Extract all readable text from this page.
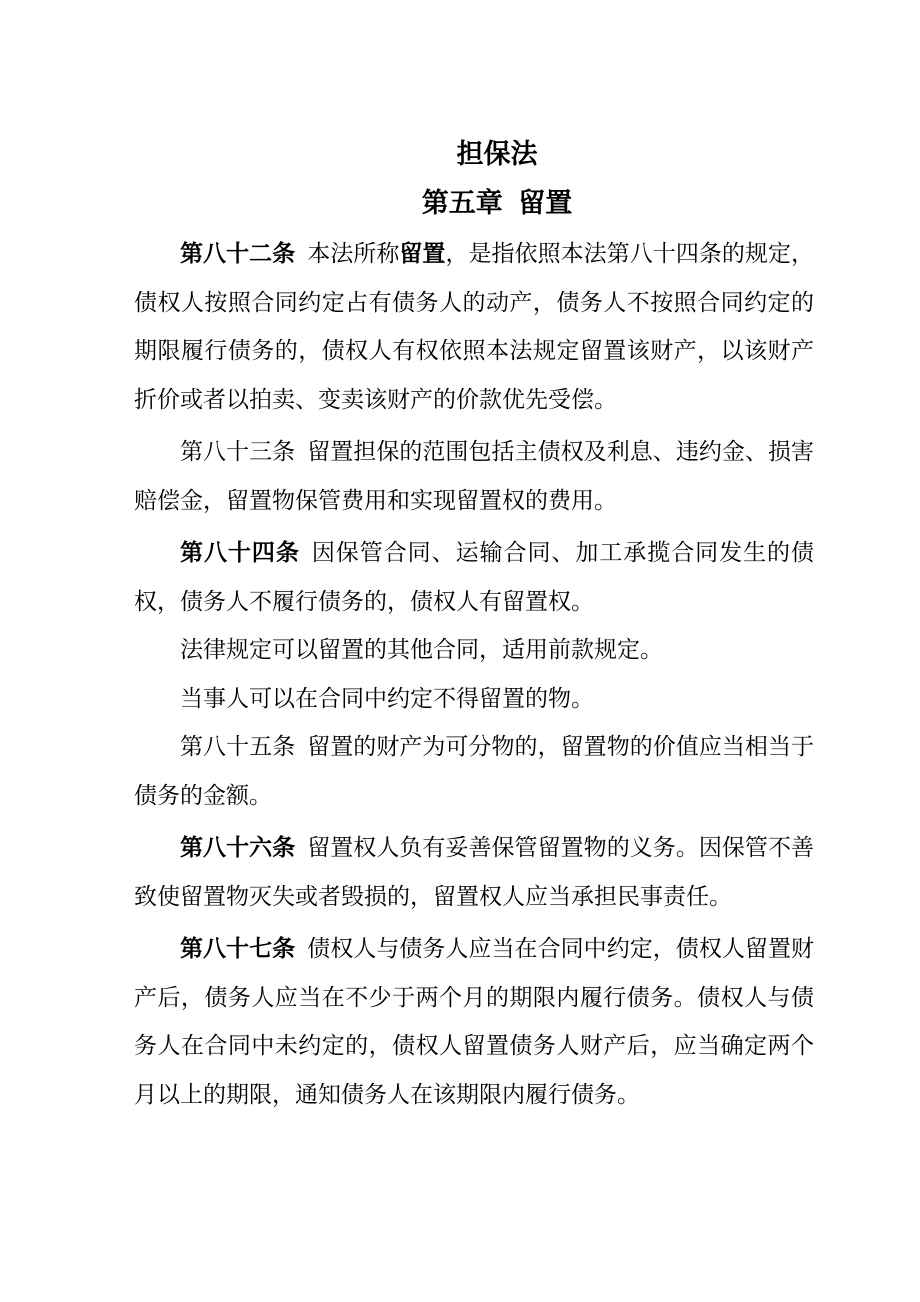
担保法
第五章 留置

第八十二条 本法所称留置，是指依照本法第八十四条的规定，债权人按照合同约定占有债务人的动产，债务人不按照合同约定的期限履行债务的，债权人有权依照本法规定留置该财产，以该财产折价或者以拍卖、变卖该财产的价款优先受偿。

第八十三条 留置担保的范围包括主债权及利息、违约金、损害赔偿金，留置物保管费用和实现留置权的费用。

第八十四条 因保管合同、运输合同、加工承揽合同发生的债权，债务人不履行债务的，债权人有留置权。

法律规定可以留置的其他合同，适用前款规定。

当事人可以在合同中约定不得留置的物。

第八十五条 留置的财产为可分物的，留置物的价值应当相当于债务的金额。

第八十六条 留置权人负有妥善保管留置物的义务。因保管不善致使留置物灭失或者毁损的，留置权人应当承担民事责任。

第八十七条 债权人与债务人应当在合同中约定，债权人留置财产后，债务人应当在不少于两个月的期限内履行债务。债权人与债务人在合同中未约定的，债权人留置债务人财产后，应当确定两个月以上的期限，通知债务人在该期限内履行债务。
